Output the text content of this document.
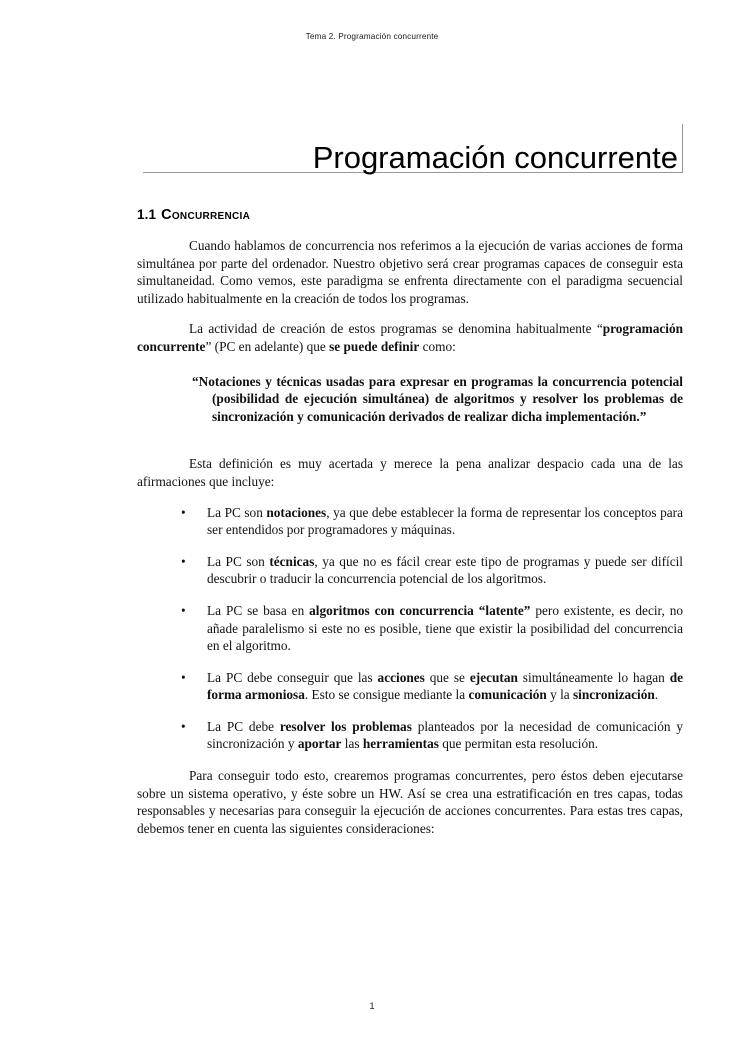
Tema 2. Programación concurrente
Programación concurrente
1.1 Concurrencia

Cuando hablamos de concurrencia nos referimos a la ejecución de varias acciones de forma simultánea por parte del ordenador. Nuestro objetivo será crear programas capaces de conseguir esta simultaneidad. Como vemos, este paradigma se enfrenta directamente con el paradigma secuencial utilizado habitualmente en la creación de todos los programas.

La actividad de creación de estos programas se denomina habitualmente “programación concurrente” (PC en adelante) que se puede definir como:

“Notaciones y técnicas usadas para expresar en programas la concurrencia potencial (posibilidad de ejecución simultánea) de algoritmos y resolver los problemas de sincronización y comunicación derivados de realizar dicha implementación.”

Esta definición es muy acertada y merece la pena analizar despacio cada una de las afirmaciones que incluye:

• La PC son notaciones, ya que debe establecer la forma de representar los conceptos para ser entendidos por programadores y máquinas.
• La PC son técnicas, ya que no es fácil crear este tipo de programas y puede ser difícil descubrir o traducir la concurrencia potencial de los algoritmos.
• La PC se basa en algoritmos con concurrencia “latente” pero existente, es decir, no añade paralelismo si este no es posible, tiene que existir la posibilidad del concurrencia en el algoritmo.
• La PC debe conseguir que las acciones que se ejecutan simultáneamente lo hagan de forma armoniosa. Esto se consigue mediante la comunicación y la sincronización.
• La PC debe resolver los problemas planteados por la necesidad de comunicación y sincronización y aportar las herramientas que permitan esta resolución.

Para conseguir todo esto, crearemos programas concurrentes, pero éstos deben ejecutarse sobre un sistema operativo, y éste sobre un HW. Así se crea una estratificación en tres capas, todas responsables y necesarias para conseguir la ejecución de acciones concurrentes. Para estas tres capas, debemos tener en cuenta las siguientes consideraciones:

1
